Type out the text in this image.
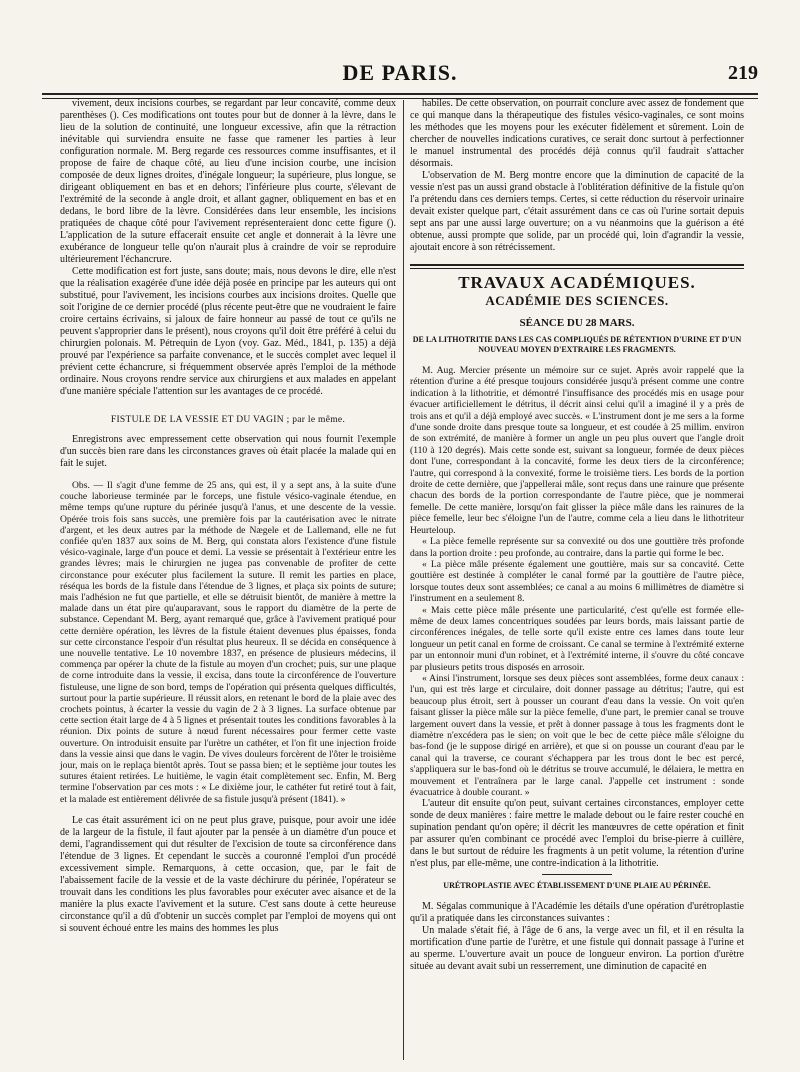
DE PARIS.	219

vivement, deux incisions courbes, se regardant par leur concavité, comme deux parenthèses (). Ces modifications ont toutes pour but de donner à la lèvre, dans le lieu de la solution de continuité, une longueur excessive, afin que la rétraction inévitable qui surviendra ensuite ne fasse que ramener les parties à leur configuration normale. M. Berg regarde ces ressources comme insuffisantes, et il propose de faire de chaque côté, au lieu d'une incision courbe, une incision composée de deux lignes droites, d'inégale longueur; la supérieure, plus longue, se dirigeant obliquement en bas et en dehors; l'inférieure plus courte, s'élevant de l'extrémité de la seconde à angle droit, et allant gagner, obliquement en bas et en dedans, le bord libre de la lèvre. Considérées dans leur ensemble, les incisions pratiquées de chaque côté pour l'avivement représenteraient donc cette figure (). L'application de la suture effacerait ensuite cet angle et donnerait à la lèvre une exubérance de longueur telle qu'on n'aurait plus à craindre de voir se reproduire ultérieurement l'échancrure.

Cette modification est fort juste, sans doute; mais, nous devons le dire, elle n'est que la réalisation exagérée d'une idée déjà posée en principe par les auteurs qui ont substitué, pour l'avivement, les incisions courbes aux incisions droites. Quelle que soit l'origine de ce dernier procédé (plus récente peut-être que ne voudraient le faire croire certains écrivains, si jaloux de faire honneur au passé de tout ce qu'ils ne peuvent s'approprier dans le présent), nous croyons qu'il doit être préféré à celui du chirurgien polonais. M. Pétrequin de Lyon (voy. Gaz. Méd., 1841, p. 135) a déjà prouvé par l'expérience sa parfaite convenance, et le succès complet avec lequel il prévient cette échancrure, si fréquemment observée après l'emploi de la méthode ordinaire. Nous croyons rendre service aux chirurgiens et aux malades en appelant d'une manière spéciale l'attention sur les avantages de ce procédé.

FISTULE DE LA VESSIE ET DU VAGIN ; par le même.

Enregistrons avec empressement cette observation qui nous fournit l'exemple d'un succès bien rare dans les circonstances graves où était placée la malade qui en fait le sujet.

Obs. — Il s'agit d'une femme de 25 ans, qui est, il y a sept ans, à la suite d'une couche laborieuse terminée par le forceps, une fistule vésico-vaginale étendue, en même temps qu'une rupture du périnée jusqu'à l'anus, et une descente de la vessie. Opérée trois fois sans succès, une première fois par la cautérisation avec le nitrate d'argent, et les deux autres par la méthode de Nægele et de Lallemand, elle ne fut confiée qu'en 1837 aux soins de M. Berg, qui constata alors l'existence d'une fistule vésico-vaginale, large d'un pouce et demi. La vessie se présentait à l'extérieur entre les grandes lèvres; mais le chirurgien ne jugea pas convenable de profiter de cette circonstance pour exécuter plus facilement la suture. Il remit les parties en place, réséqua les bords de la fistule dans l'étendue de 3 lignes, et plaça six points de suture; mais l'adhésion ne fut que partielle, et elle se détruisit bientôt, de manière à mettre la malade dans un état pire qu'auparavant, sous le rapport du diamètre de la perte de substance. Cependant M. Berg, ayant remarqué que, grâce à l'avivement pratiqué pour cette dernière opération, les lèvres de la fistule étaient devenues plus épaisses, fonda sur cette circonstance l'espoir d'un résultat plus heureux. Il se décida en conséquence à une nouvelle tentative. Le 10 novembre 1837, en présence de plusieurs médecins, il commença par opérer la chute de la fistule au moyen d'un crochet; puis, sur une plaque de corne introduite dans la vessie, il excisa, dans toute la circonférence de l'ouverture fistuleuse, une ligne de son bord, temps de l'opération qui présenta quelques difficultés, surtout pour la partie supérieure. Il réussit alors, en retenant le bord de la plaie avec des crochets pointus, à écarter la vessie du vagin de 2 à 3 lignes. La surface obtenue par cette section était large de 4 à 5 lignes et présentait toutes les conditions favorables à la réunion. Dix points de suture à nœud furent nécessaires pour fermer cette vaste ouverture. On introduisit ensuite par l'urètre un cathéter, et l'on fit une injection froide dans la vessie ainsi que dans le vagin. De vives douleurs forcèrent de l'ôter le troisième jour, mais on le replaça bientôt après. Tout se passa bien; et le septième jour toutes les sutures étaient retirées. Le huitième, le vagin était complètement sec. Enfin, M. Berg termine l'observation par ces mots : « Le dixième jour, le cathéter fut retiré tout à fait, et la malade est entièrement délivrée de sa fistule jusqu'à présent (1841). »

Le cas était assurément ici on ne peut plus grave, puisque, pour avoir une idée de la largeur de la fistule, il faut ajouter par la pensée à un diamètre d'un pouce et demi, l'agrandissement qui dut résulter de l'excision de toute sa circonférence dans l'étendue de 3 lignes. Et cependant le succès a couronné l'emploi d'un procédé excessivement simple. Remarquons, à cette occasion, que, par le fait de l'abaissement facile de la vessie et de la vaste déchirure du périnée, l'opérateur se trouvait dans les conditions les plus favorables pour exécuter avec aisance et de la manière la plus exacte l'avivement et la suture. C'est sans doute à cette heureuse circonstance qu'il a dû d'obtenir un succès complet par l'emploi de moyens qui ont si souvent échoué entre les mains des hommes les plus

habiles. De cette observation, on pourrait conclure avec assez de fondement que ce qui manque dans la thérapeutique des fistules vésico-vaginales, ce sont moins les méthodes que les moyens pour les exécuter fidèlement et sûrement. Loin de chercher de nouvelles indications curatives, ce serait donc surtout à perfectionner le manuel instrumental des procédés déjà connus qu'il faudrait s'attacher désormais.

L'observation de M. Berg montre encore que la diminution de capacité de la vessie n'est pas un aussi grand obstacle à l'oblitération définitive de la fistule qu'on l'a prétendu dans ces derniers temps. Certes, si cette réduction du réservoir urinaire devait exister quelque part, c'était assurément dans ce cas où l'urine sortait depuis sept ans par une aussi large ouverture; on a vu néanmoins que la guérison a été obtenue, aussi prompte que solide, par un procédé qui, loin d'agrandir la vessie, ajoutait encore à son rétrécissement.

TRAVAUX ACADÉMIQUES.
ACADÉMIE DES SCIENCES.
SÉANCE DU 28 MARS.
DE LA LITHOTRITIE DANS LES CAS COMPLIQUÉS DE RÉTENTION D'URINE ET D'UN NOUVEAU MOYEN D'EXTRAIRE LES FRAGMENTS.

M. Aug. Mercier présente un mémoire sur ce sujet. Après avoir rappelé que la rétention d'urine a été presque toujours considérée jusqu'à présent comme une contre indication à la lithotritie, et démontré l'insuffisance des procédés mis en usage pour évacuer artificiellement le détritus, il décrit ainsi celui qu'il a imaginé il y a près de trois ans et qu'il a déjà employé avec succès. « L'instrument dont je me sers a la forme d'une sonde droite dans presque toute sa longueur, et est coudée à 25 millim. environ de son extrémité, de manière à former un angle un peu plus ouvert que l'angle droit (110 à 120 degrés). Mais cette sonde est, suivant sa longueur, formée de deux pièces dont l'une, correspondant à la concavité, forme les deux tiers de la circonférence; l'autre, qui correspond à la convexité, forme le troisième tiers. Les bords de la portion droite de cette dernière, que j'appellerai mâle, sont reçus dans une rainure que présente chacun des bords de la portion correspondante de l'autre pièce, que je nommerai femelle. De cette manière, lorsqu'on fait glisser la pièce mâle dans les rainures de la pièce femelle, leur bec s'éloigne l'un de l'autre, comme cela a lieu dans le lithotriteur Heurteloup.

« La pièce femelle représente sur sa convexité ou dos une gouttière très profonde dans la portion droite : peu profonde, au contraire, dans la partie qui forme le bec.

« La pièce mâle présente également une gouttière, mais sur sa concavité. Cette gouttière est destinée à compléter le canal formé par la gouttière de l'autre pièce, lorsque toutes deux sont assemblées; ce canal a au moins 6 millimètres de diamètre si l'instrument en a seulement 8.

« Mais cette pièce mâle présente une particularité, c'est qu'elle est formée elle-même de deux lames concentriques soudées par leurs bords, mais laissant partie de circonférences inégales, de telle sorte qu'il existe entre ces lames dans toute leur longueur un petit canal en forme de croissant. Ce canal se termine à l'extrémité externe par un entonnoir muni d'un robinet, et à l'extrémité interne, il s'ouvre du côté concave par plusieurs petits trous disposés en arrosoir.

« Ainsi l'instrument, lorsque ses deux pièces sont assemblées, forme deux canaux : l'un, qui est très large et circulaire, doit donner passage au détritus; l'autre, qui est beaucoup plus étroit, sert à pousser un courant d'eau dans la vessie. On voit qu'en faisant glisser la pièce mâle sur la pièce femelle, d'une part, le premier canal se trouve largement ouvert dans la vessie, et prêt à donner passage à tous les fragments dont le diamètre n'excédera pas le sien; on voit que le bec de cette pièce mâle s'éloigne du bas-fond (je le suppose dirigé en arrière), et que si on pousse un courant d'eau par le canal qui la traverse, ce courant s'échappera par les trous dont le bec est percé, s'appliquera sur le bas-fond où le détritus se trouve accumulé, le délaiera, le mettra en mouvement et l'entraînera par le large canal. J'appelle cet instrument : sonde évacuatrice à double courant. »

L'auteur dit ensuite qu'on peut, suivant certaines circonstances, employer cette sonde de deux manières : faire mettre le malade debout ou le faire rester couché en supination pendant qu'on opère; il décrit les manœuvres de cette opération et finit par assurer qu'en combinant ce procédé avec l'emploi du brise-pierre à cuillère, dans le but surtout de réduire les fragments à un petit volume, la rétention d'urine n'est plus, par elle-même, une contre-indication à la lithotritie.

URÉTROPLASTIE AVEC ÉTABLISSEMENT D'UNE PLAIE AU PÉRINÉE.

M. Ségalas communique à l'Académie les détails d'une opération d'urétroplastie qu'il a pratiquée dans les circonstances suivantes :

Un malade s'était fié, à l'âge de 6 ans, la verge avec un fil, et il en résulta la mortification d'une partie de l'urètre, et une fistule qui donnait passage à l'urine et au sperme. L'ouverture avait un pouce de longueur environ. La portion d'urètre située au devant avait subi un resserrement, une diminution de capacité en
